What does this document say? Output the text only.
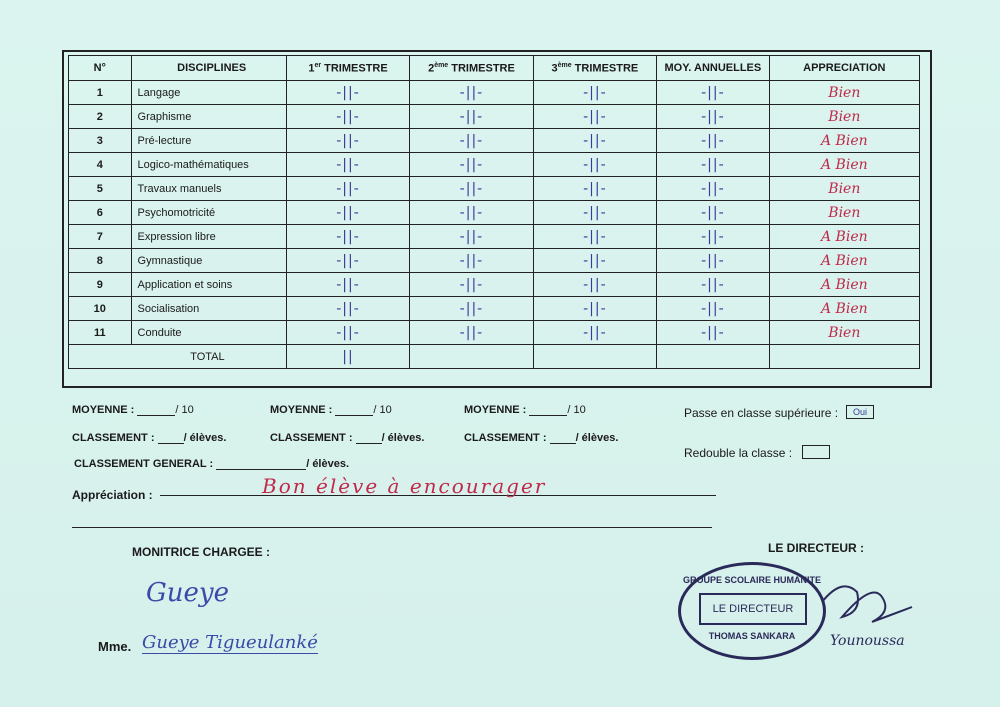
N°	DISCIPLINES	1er TRIMESTRE	2ème TRIMESTRE	3ème TRIMESTRE	MOY. ANNUELLES	APPRECIATION
1	Langage	-||-	-||-	-||-	-||-	Bien
2	Graphisme	-||-	-||-	-||-	-||-	Bien
3	Pré-lecture	-||-	-||-	-||-	-||-	A Bien
4	Logico-mathématiques	-||-	-||-	-||-	-||-	A Bien
5	Travaux manuels	-||-	-||-	-||-	-||-	Bien
6	Psychomotricité	-||-	-||-	-||-	-||-	Bien
7	Expression libre	-||-	-||-	-||-	-||-	A Bien
8	Gymnastique	-||-	-||-	-||-	-||-	A Bien
9	Application et soins	-||-	-||-	-||-	-||-	A Bien
10	Socialisation	-||-	-||-	-||-	-||-	A Bien
11	Conduite	-||-	-||-	-||-	-||-	Bien
TOTAL		||				
MOYENNE :	/ 10	MOYENNE :	/ 10	MOYENNE :	/ 10
CLASSEMENT :	/ élèves.	CLASSEMENT :	/ élèves.	CLASSEMENT :	/ élèves.
CLASSEMENT GENERAL :	/ élèves.
Passe en classe supérieure :	Oui
Redouble la classe :
Appréciation :	Bon élève à encourager
MONITRICE CHARGEE :
Gueye
Mme. Gueye Tigueulanké
LE DIRECTEUR :
GROUPE SCOLAIRE HUMANITE
LE DIRECTEUR
THOMAS SANKARA	Younoussa
